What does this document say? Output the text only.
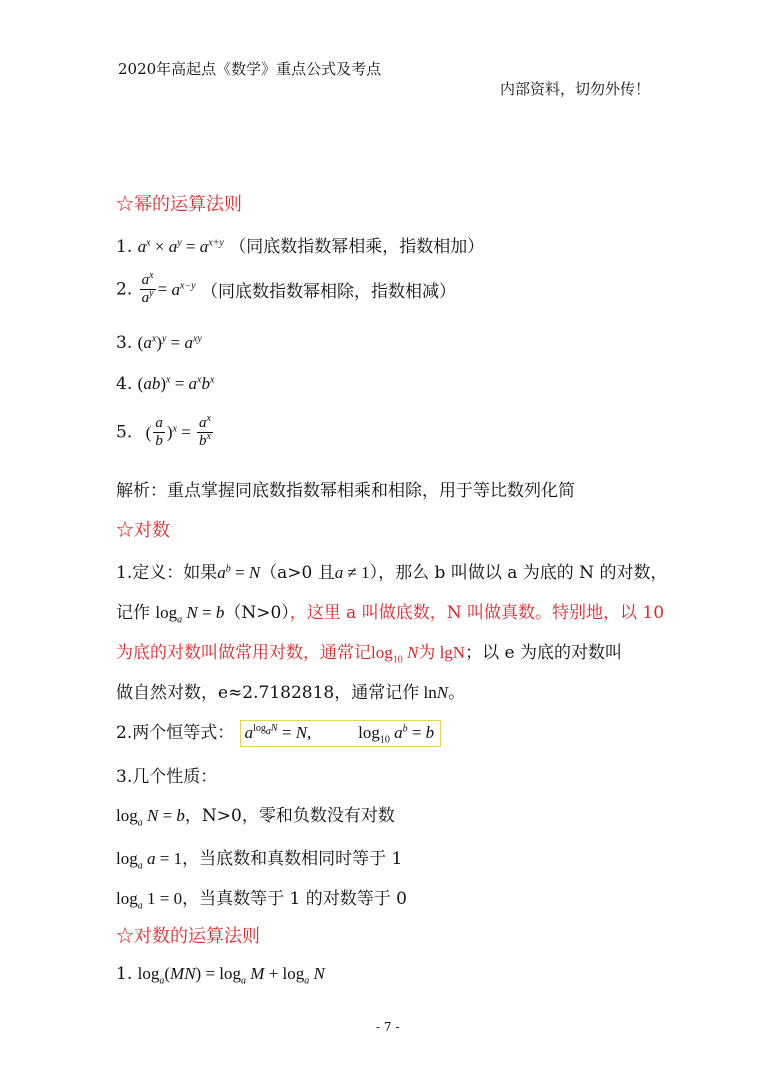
2020年高起点《数学》重点公式及考点
内部资料，切勿外传！
☆幂的运算法则
1. $a^x \times a^y = a^{x+y}$ （同底数指数幂相乘，指数相加）
2. $\frac{a^x}{a^y} = a^{x-y}$ （同底数指数幂相除，指数相减）
3. $(a^x)^y = a^{xy}$
4. $(ab)^x = a^xb^x$
5. ( $\frac{a}{b} )^x = \frac{a^x}{b^x}$
解析：重点掌握同底数指数幂相乘和相除，用于等比数列化简
☆对数
1.定义：如果$a^b = N(a>0$ 且a ≠ 1），那么 b 叫做以 a 为底的 N 的对数，
记作 $\log_a N = b(N>0)$，这里 a 叫做底数，N 叫做真数。特别地，以 10
为底的对数叫做常用对数，通常记$\log_{10} N$为 lgN；以 e 为底的对数叫
做自然对数，e≈2.7182818，通常记作 lnN。
2.两个恒等式： $a^{log_aN} = N$,	$\log_{10} a^b = b$
3.几个性质：
$\log_a N = b$，N>0，零和负数没有对数
$\log_a a = 1$，当底数和真数相同时等于 1
$\log_a 1 = 0$，当真数等于 1 的对数等于 0
☆对数的运算法则
1. $\log_a(MN) = \log_a M + \log_a N$
- 7 -
